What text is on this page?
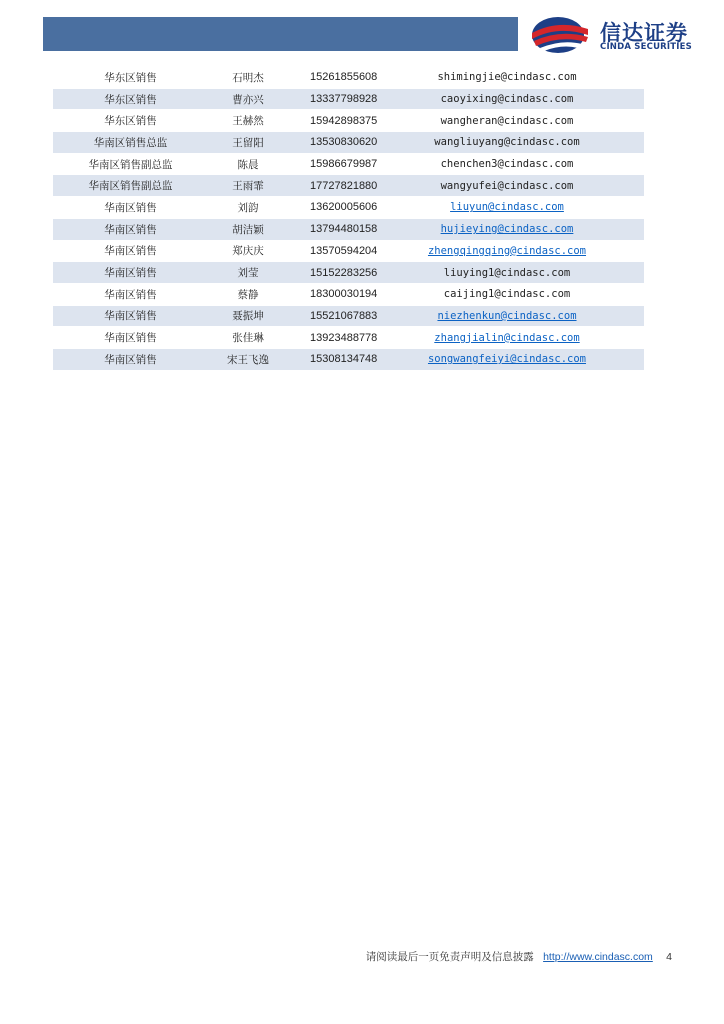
信达证券
CINDA SECURITIES
华东区销售	石明杰	15261855608	shimingjie@cindasc.com
华东区销售	曹亦兴	13337798928	caoyixing@cindasc.com
华东区销售	王赫然	15942898375	wangheran@cindasc.com
华南区销售总监	王留阳	13530830620	wangliuyang@cindasc.com
华南区销售副总监	陈晨	15986679987	chenchen3@cindasc.com
华南区销售副总监	王雨霏	17727821880	wangyufei@cindasc.com
华南区销售	刘韵	13620005606	liuyun@cindasc.com
华南区销售	胡洁颖	13794480158	hujieying@cindasc.com
华南区销售	郑庆庆	13570594204	zhengqingqing@cindasc.com
华南区销售	刘莹	15152283256	liuying1@cindasc.com
华南区销售	蔡静	18300030194	caijing1@cindasc.com
华南区销售	聂振坤	15521067883	niezhenkun@cindasc.com
华南区销售	张佳琳	13923488778	zhangjialin@cindasc.com
华南区销售	宋王飞逸	15308134748	songwangfeiyi@cindasc.com
请阅读最后一页免责声明及信息披露 http://www.cindasc.com 4
